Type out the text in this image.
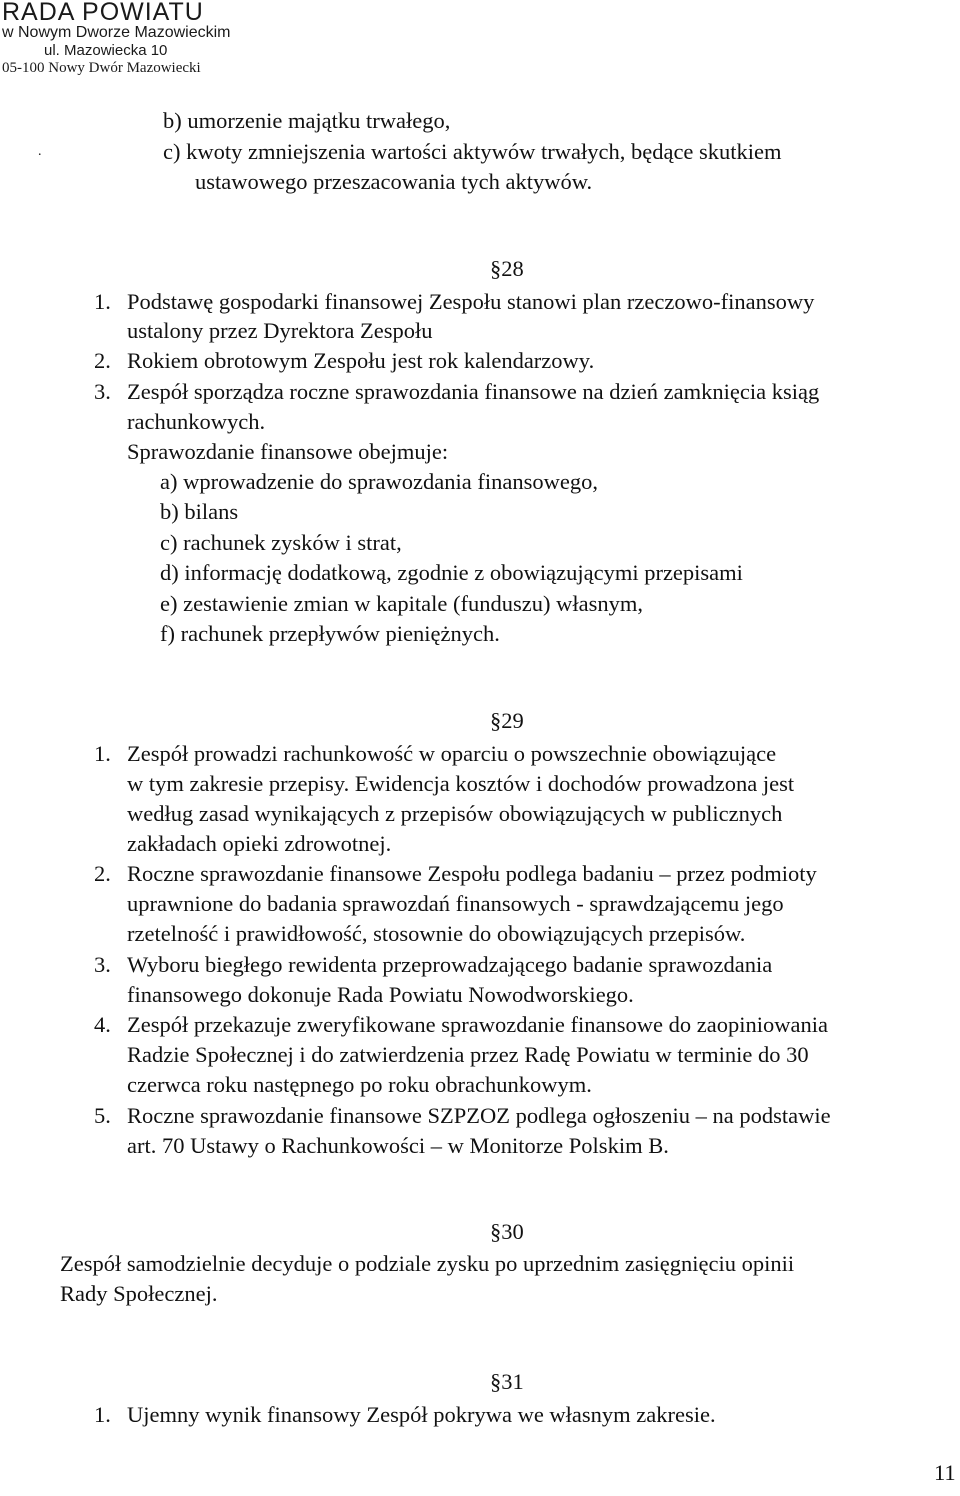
RADA POWIATU
w Nowym Dworze Mazowieckim
ul. Mazowiecka 10
05-100 Nowy Dwór Mazowiecki
b) umorzenie majątku trwałego,
.	c) kwoty zmniejszenia wartości aktywów trwałych, będące skutkiem
ustawowego przeszacowania tych aktywów.
§28
1. Podstawę gospodarki finansowej Zespołu stanowi plan rzeczowo-finansowy
ustalony przez Dyrektora Zespołu
2. Rokiem obrotowym Zespołu jest rok kalendarzowy.
3. Zespół sporządza roczne sprawozdania finansowe na dzień zamknięcia ksiąg
rachunkowych.
Sprawozdanie finansowe obejmuje:
a) wprowadzenie do sprawozdania finansowego,
b) bilans
c) rachunek zysków i strat,
d) informację dodatkową, zgodnie z obowiązującymi przepisami
e) zestawienie zmian w kapitale (funduszu) własnym,
f) rachunek przepływów pieniężnych.
§29
1. Zespół prowadzi rachunkowość w oparciu o powszechnie obowiązujące
w tym zakresie przepisy. Ewidencja kosztów i dochodów prowadzona jest
według zasad wynikających z przepisów obowiązujących w publicznych
zakładach opieki zdrowotnej.
2. Roczne sprawozdanie finansowe Zespołu podlega badaniu – przez podmioty
uprawnione do badania sprawozdań finansowych - sprawdzającemu jego
rzetelność i prawidłowość, stosownie do obowiązujących przepisów.
3. Wyboru biegłego rewidenta przeprowadzającego badanie sprawozdania
finansowego dokonuje Rada Powiatu Nowodworskiego.
4. Zespół przekazuje zweryfikowane sprawozdanie finansowe do zaopiniowania
Radzie Społecznej i do zatwierdzenia przez Radę Powiatu w terminie do 30
czerwca roku następnego po roku obrachunkowym.
5. Roczne sprawozdanie finansowe SZPZOZ podlega ogłoszeniu – na podstawie
art. 70 Ustawy o Rachunkowości – w Monitorze Polskim B.
§30
Zespół samodzielnie decyduje o podziale zysku po uprzednim zasięgnięciu opinii
Rady Społecznej.
§31
1. Ujemny wynik finansowy Zespół pokrywa we własnym zakresie.
11
